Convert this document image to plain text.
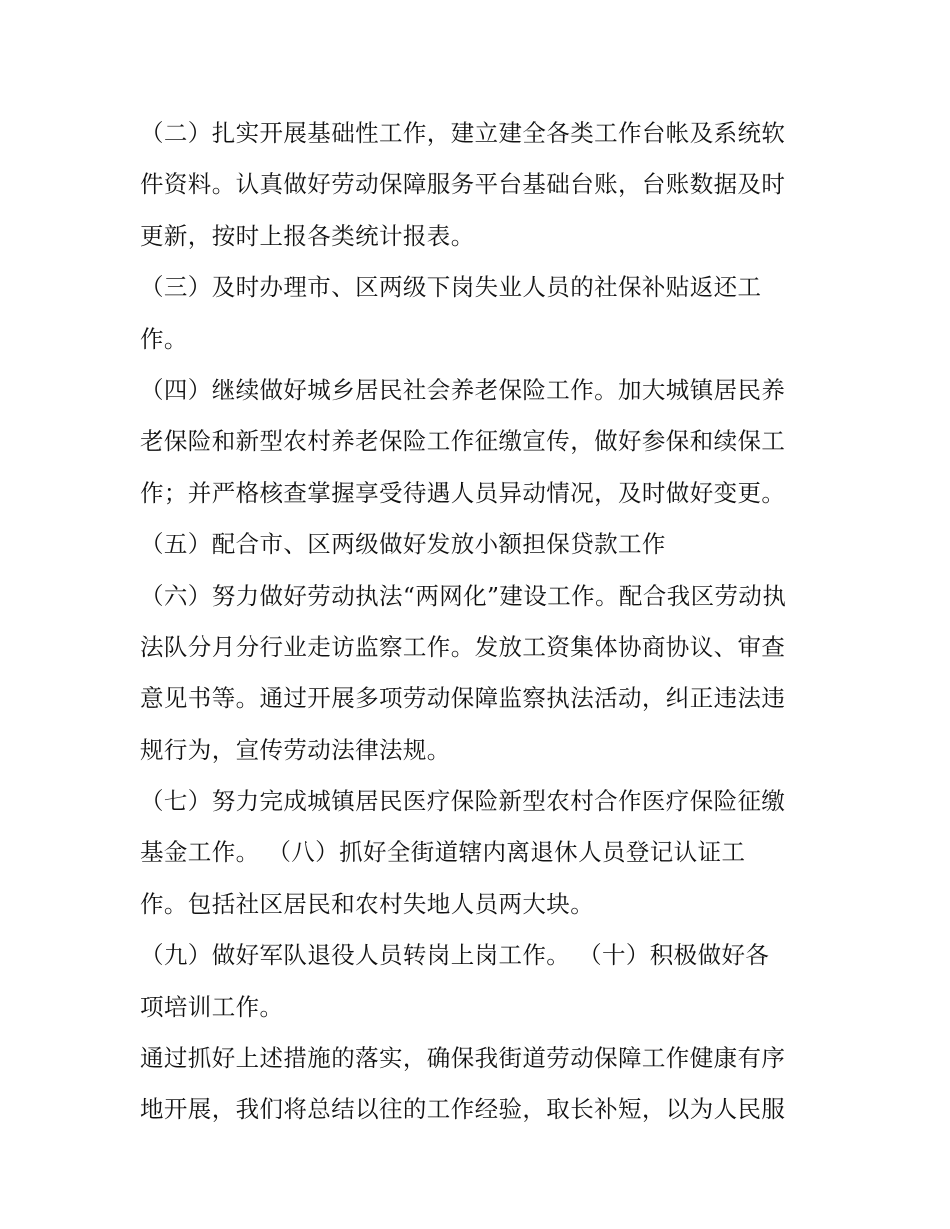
（二）扎实开展基础性工作，建立建全各类工作台帐及系统软
件资料。认真做好劳动保障服务平台基础台账，台账数据及时
更新，按时上报各类统计报表。
（三）及时办理市、区两级下岗失业人员的社保补贴返还工
作。
（四）继续做好城乡居民社会养老保险工作。加大城镇居民养
老保险和新型农村养老保险工作征缴宣传，做好参保和续保工
作；并严格核查掌握享受待遇人员异动情况，及时做好变更。
（五）配合市、区两级做好发放小额担保贷款工作
（六）努力做好劳动执法“两网化”建设工作。配合我区劳动执
法队分月分行业走访监察工作。发放工资集体协商协议、审查
意见书等。通过开展多项劳动保障监察执法活动，纠正违法违
规行为，宣传劳动法律法规。
（七）努力完成城镇居民医疗保险新型农村合作医疗保险征缴
基金工作。 （八）抓好全街道辖内离退休人员登记认证工
作。包括社区居民和农村失地人员两大块。
（九）做好军队退役人员转岗上岗工作。 （十）积极做好各
项培训工作。
通过抓好上述措施的落实，确保我街道劳动保障工作健康有序
地开展，我们将总结以往的工作经验，取长补短，以为人民服
